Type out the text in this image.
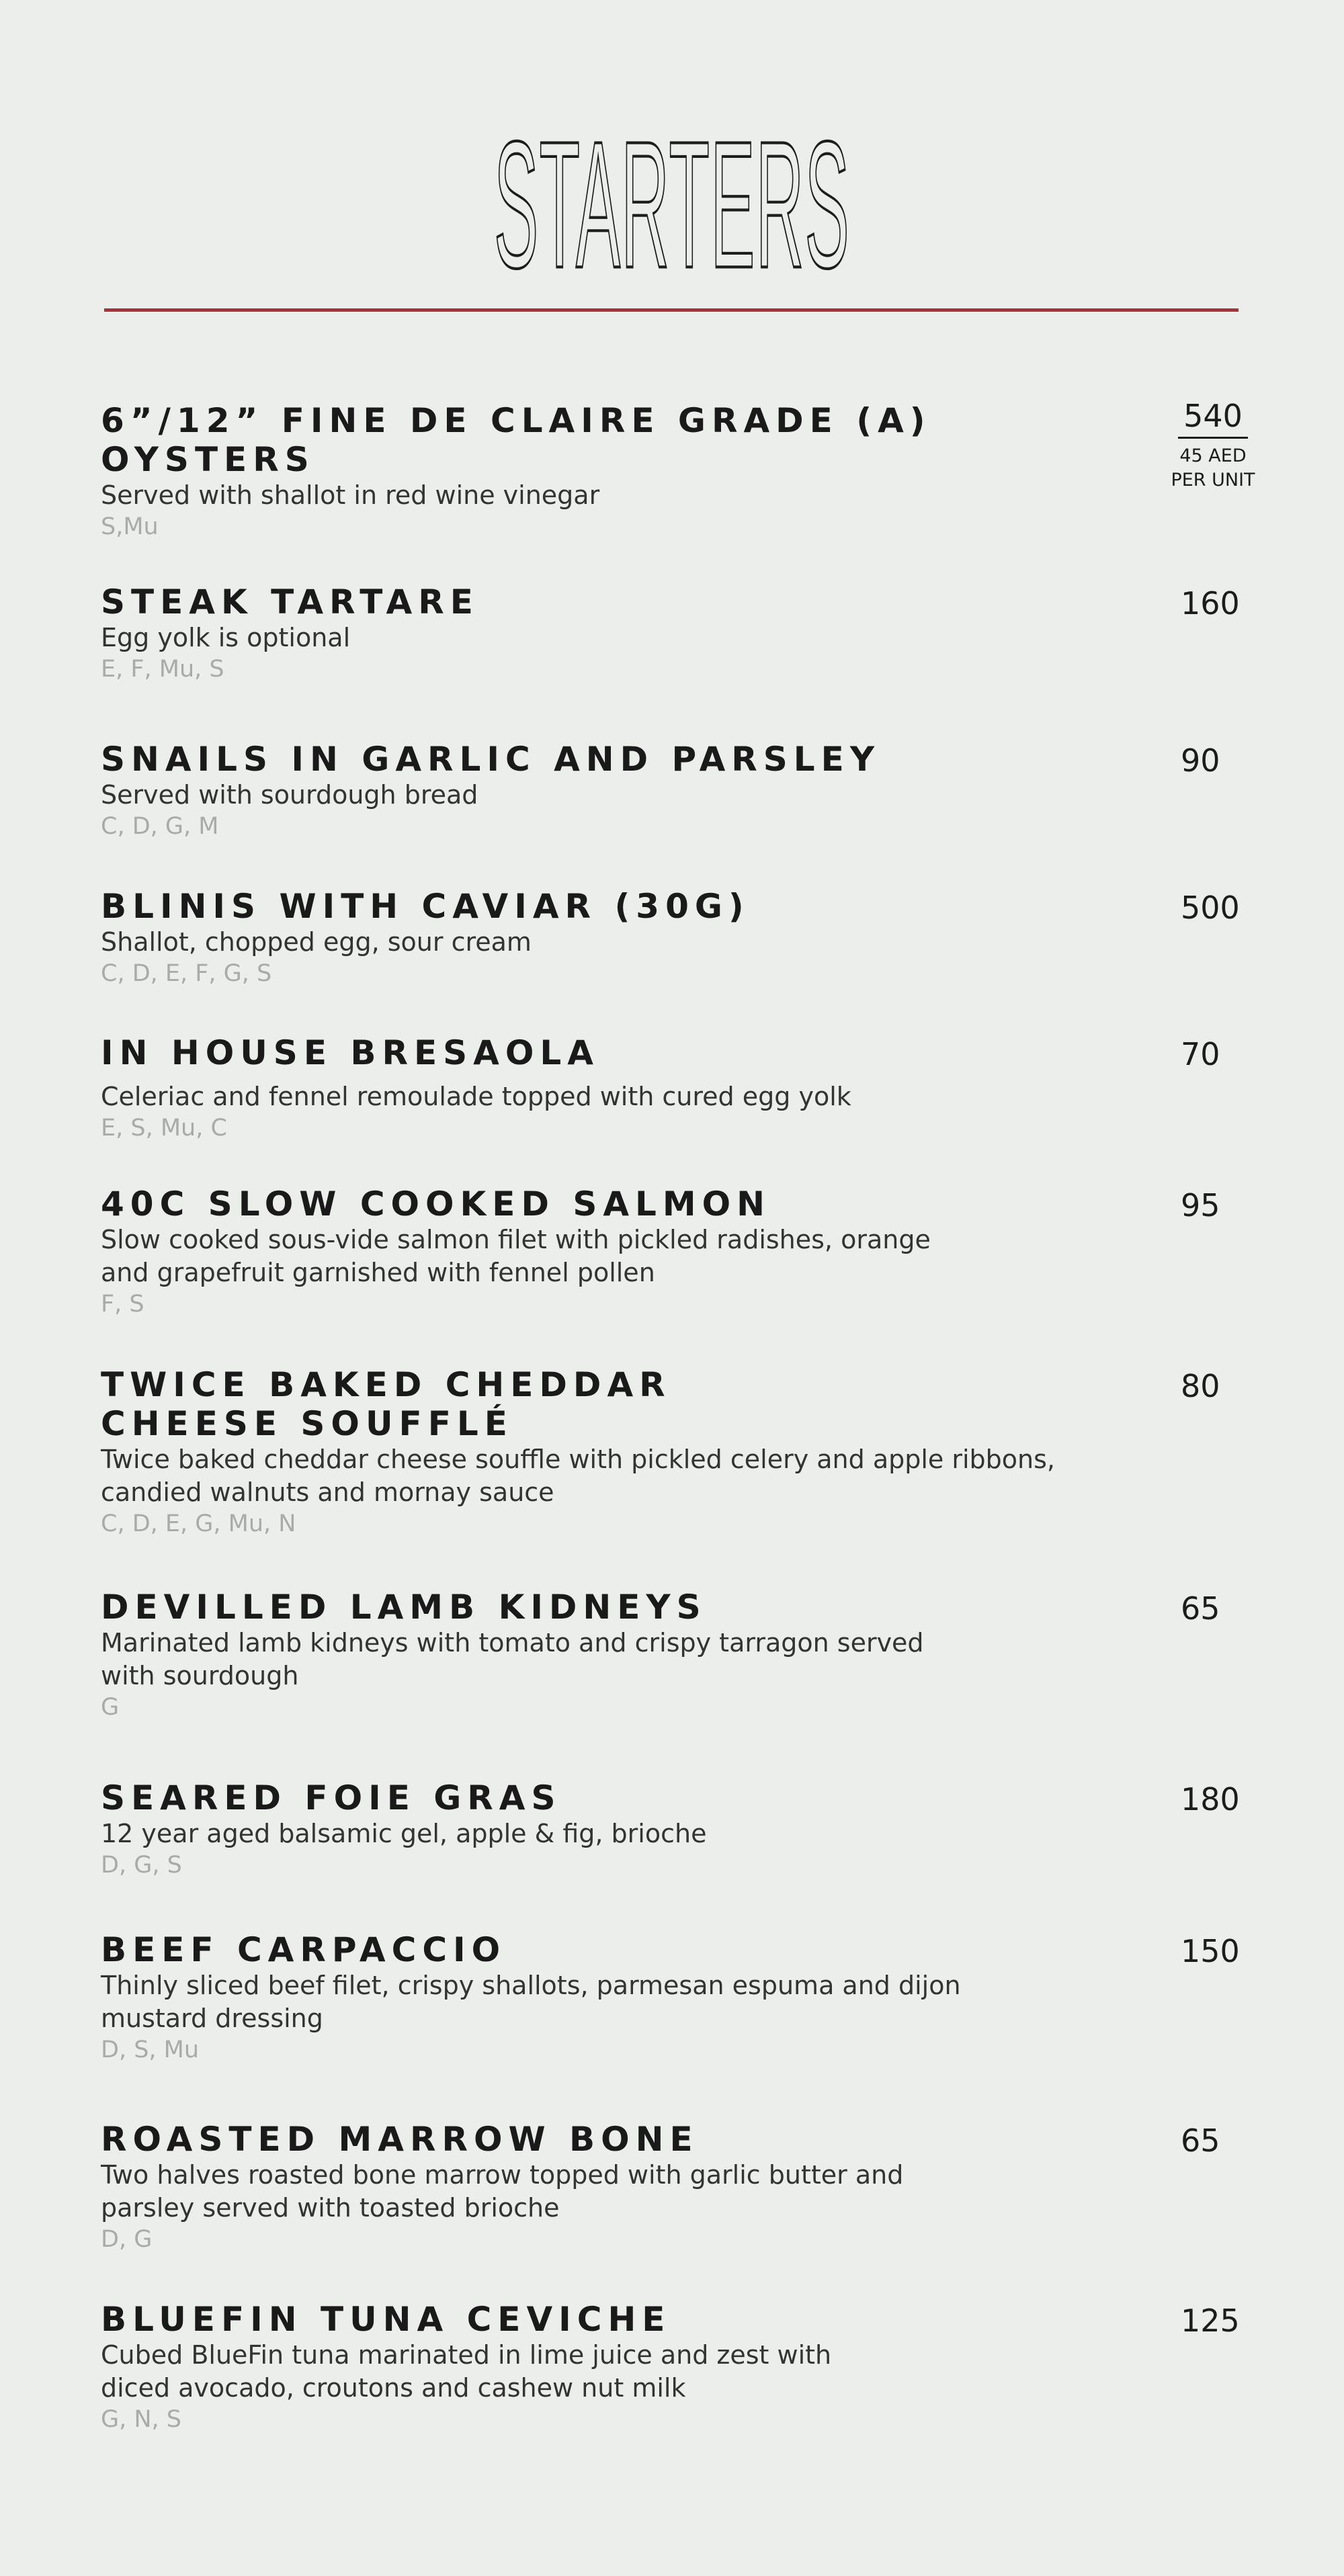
STARTERS
6”/12” FINE DE CLAIRE GRADE (A) OYSTERS
Served with shallot in red wine vinegar
S,Mu
540
45 AED
PER UNIT
STEAK TARTARE
Egg yolk is optional
E, F, Mu, S
160
SNAILS IN GARLIC AND PARSLEY
Served with sourdough bread
C, D, G, M
90
BLINIS WITH CAVIAR (30G)
Shallot, chopped egg, sour cream
C, D, E, F, G, S
500
IN HOUSE BRESAOLA
Celeriac and fennel remoulade topped with cured egg yolk
E, S, Mu, C
70
40C SLOW COOKED SALMON
Slow cooked sous-vide salmon filet with pickled radishes, orange and grapefruit garnished with fennel pollen
F, S
95
TWICE BAKED CHEDDAR CHEESE SOUFFLÉ
Twice baked cheddar cheese souffle with pickled celery and apple ribbons, candied walnuts and mornay sauce
C, D, E, G, Mu, N
80
DEVILLED LAMB KIDNEYS
Marinated lamb kidneys with tomato and crispy tarragon served with sourdough
G
65
SEARED FOIE GRAS
12 year aged balsamic gel, apple & fig, brioche
D, G, S
180
BEEF CARPACCIO
Thinly sliced beef filet, crispy shallots, parmesan espuma and dijon mustard dressing
D, S, Mu
150
ROASTED MARROW BONE
Two halves roasted bone marrow topped with garlic butter and parsley served with toasted brioche
D, G
65
BLUEFIN TUNA CEVICHE
Cubed BlueFin tuna marinated in lime juice and zest with diced avocado, croutons and cashew nut milk
G, N, S
125
